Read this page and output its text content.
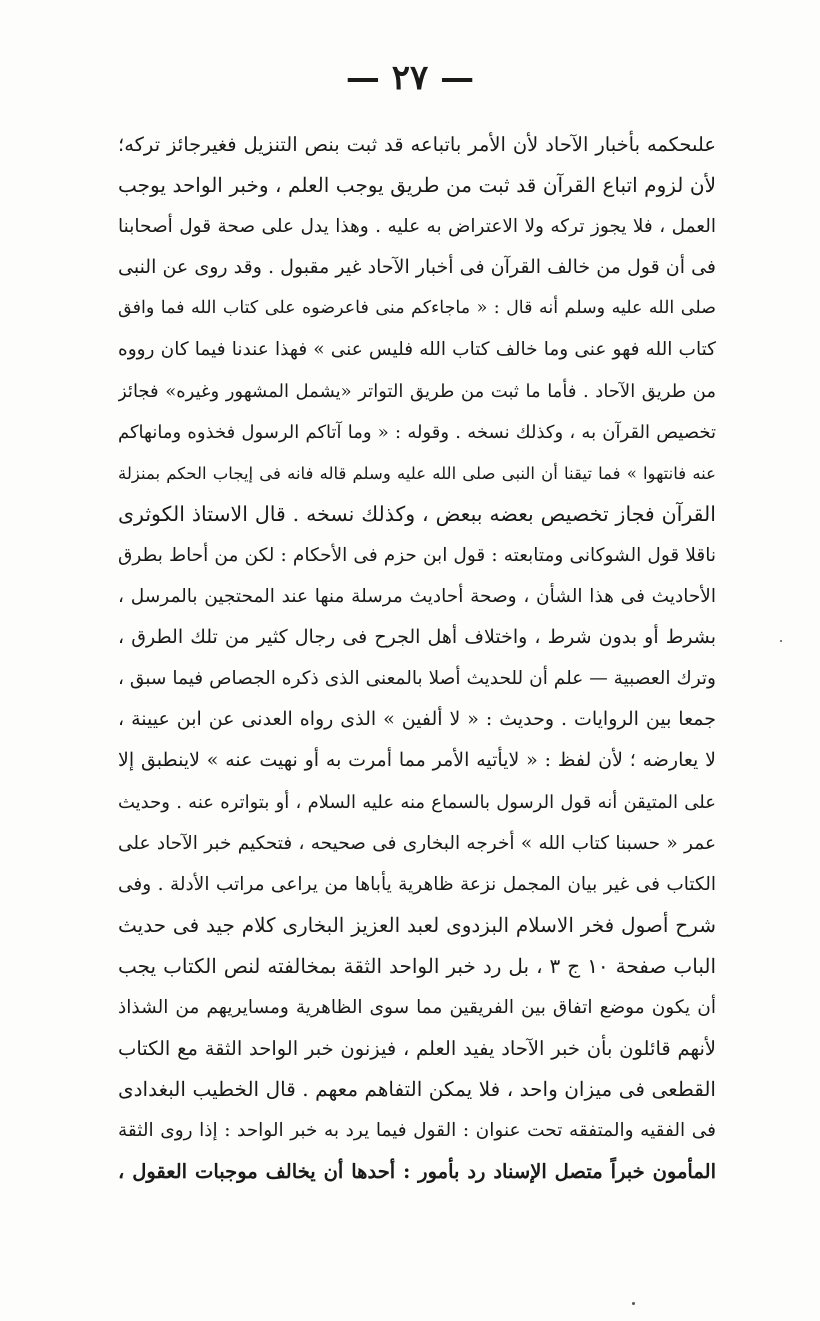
— ٢٧ —
علىحكمه بأخبار الآحاد لأن الأمر باتباعه قد ثبت بنص التنزيل فغيرجائز تركه؛
لأن لزوم اتباع القرآن قد ثبت من طريق يوجب العلم ، وخبر الواحد يوجب
العمل ، فلا يجوز تركه ولا الاعتراض به عليه . وهذا يدل على صحة قول أصحابنا
فى أن قول من خالف القرآن فى أخبار الآحاد غير مقبول . وقد روى عن النبى
صلى الله عليه وسلم أنه قال : « ماجاءكم منى فاعرضوه على كتاب الله فما وافق
كتاب الله فهو عنى وما خالف كتاب الله فليس عنى » فهذا عندنا فيما كان رووه
من طريق الآحاد . فأما ما ثبت من طريق التواتر «يشمل المشهور وغيره» فجائز
تخصيص القرآن به ، وكذلك نسخه . وقوله : « وما آتاكم الرسول فخذوه ومانهاكم
عنه فانتهوا » فما تيقنا أن النبى صلى الله عليه وسلم قاله فانه فى إيجاب الحكم بمنزلة
القرآن فجاز تخصيص بعضه ببعض ، وكذلك نسخه . قال الاستاذ الكوثرى
ناقلا قول الشوكانى ومتابعته : قول ابن حزم فى الأحكام : لكن من أحاط بطرق
الأحاديث فى هذا الشأن ، وصحة أحاديث مرسلة منها عند المحتجين بالمرسل ،
بشرط أو بدون شرط ، واختلاف أهل الجرح فى رجال كثير من تلك الطرق ،
وترك العصبية — علم أن للحديث أصلا بالمعنى الذى ذكره الجصاص فيما سبق ،
جمعا بين الروايات . وحديث : « لا ألفين » الذى رواه العدنى عن ابن عيينة ،
لا يعارضه ؛ لأن لفظ : « لايأتيه الأمر مما أمرت به أو نهيت عنه » لاينطبق إلا
على المتيقن أنه قول الرسول بالسماع منه عليه السلام ، أو بتواتره عنه . وحديث
عمر « حسبنا كتاب الله » أخرجه البخارى فى صحيحه ، فتحكيم خبر الآحاد على
الكتاب فى غير بيان المجمل نزعة ظاهرية يأباها من يراعى مراتب الأدلة . وفى
شرح أصول فخر الاسلام البزدوى لعبد العزيز البخارى كلام جيد فى حديث
الباب صفحة ١٠ ج ٣ ، بل رد خبر الواحد الثقة بمخالفته لنص الكتاب يجب
أن يكون موضع اتفاق بين الفريقين مما سوى الظاهرية ومسايريهم من الشذاذ
لأنهم قائلون بأن خبر الآحاد يفيد العلم ، فيزنون خبر الواحد الثقة مع الكتاب
القطعى فى ميزان واحد ، فلا يمكن التفاهم معهم . قال الخطيب البغدادى
فى الفقيه والمتفقه تحت عنوان : القول فيما يرد به خبر الواحد : إذا روى الثقة
المأمون خبراً متصل الإسناد رد بأمور : أحدها أن يخالف موجبات العقول ،
